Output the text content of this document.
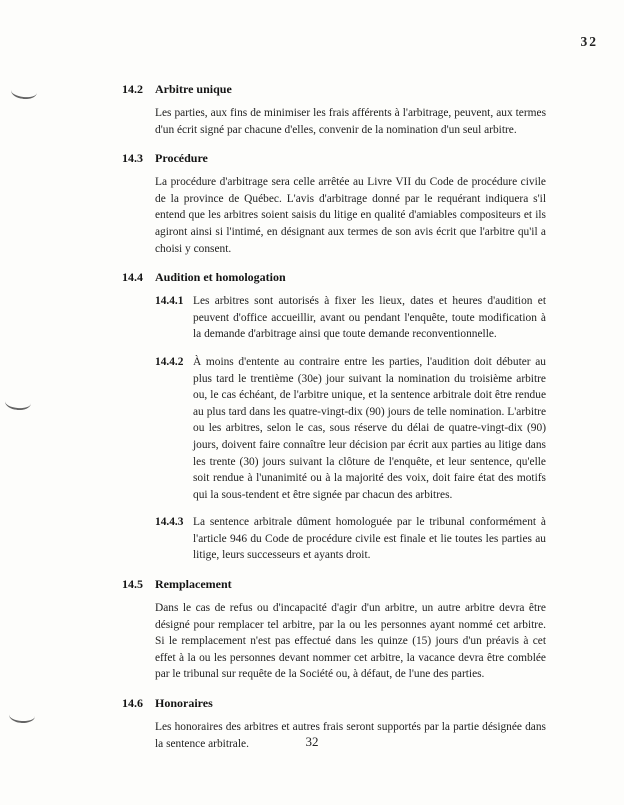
32
14.2	Arbitre unique

Les parties, aux fins de minimiser les frais afférents à l'arbitrage, peuvent, aux termes d'un écrit signé par chacune d'elles, convenir de la nomination d'un seul arbitre.

14.3	Procédure

La procédure d'arbitrage sera celle arrêtée au Livre VII du Code de procédure civile de la province de Québec. L'avis d'arbitrage donné par le requérant indiquera s'il entend que les arbitres soient saisis du litige en qualité d'amiables compositeurs et ils agiront ainsi si l'intimé, en désignant aux termes de son avis écrit que l'arbitre qu'il a choisi y consent.

14.4	Audition et homologation
14.4.1 Les arbitres sont autorisés à fixer les lieux, dates et heures d'audition et peuvent d'office accueillir, avant ou pendant l'enquête, toute modification à la demande d'arbitrage ainsi que toute demande reconventionnelle.

14.4.2 À moins d'entente au contraire entre les parties, l'audition doit débuter au plus tard le trentième (30e) jour suivant la nomination du troisième arbitre ou, le cas échéant, de l'arbitre unique, et la sentence arbitrale doit être rendue au plus tard dans les quatre-vingt-dix (90) jours de telle nomination. L'arbitre ou les arbitres, selon le cas, sous réserve du délai de quatre-vingt-dix (90) jours, doivent faire connaître leur décision par écrit aux parties au litige dans les trente (30) jours suivant la clôture de l'enquête, et leur sentence, qu'elle soit rendue à l'unanimité ou à la majorité des voix, doit faire état des motifs qui la sous-tendent et être signée par chacun des arbitres.

14.4.3 La sentence arbitrale dûment homologuée par le tribunal conformément à l'article 946 du Code de procédure civile est finale et lie toutes les parties au litige, leurs successeurs et ayants droit.

14.5	Remplacement

Dans le cas de refus ou d'incapacité d'agir d'un arbitre, un autre arbitre devra être désigné pour remplacer tel arbitre, par la ou les personnes ayant nommé cet arbitre. Si le remplacement n'est pas effectué dans les quinze (15) jours d'un préavis à cet effet à la ou les personnes devant nommer cet arbitre, la vacance devra être comblée par le tribunal sur requête de la Société ou, à défaut, de l'une des parties.

14.6	Honoraires

Les honoraires des arbitres et autres frais seront supportés par la partie désignée dans la sentence arbitrale.	32
